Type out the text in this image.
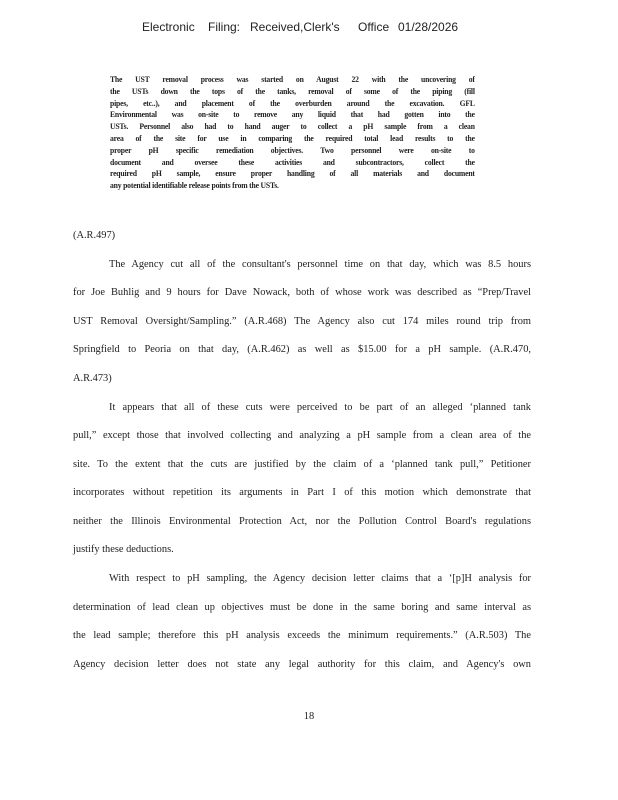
Electronic Filing: Received,Clerk's Office 01/28/2026
The UST removal process was started on August 22 with the uncovering of
the USTs down the tops of the tanks, removal of some of the piping (fill
pipes, etc..), and placement of the overburden around the excavation. GFL
Environmental was on-site to remove any liquid that had gotten into the
USTs. Personnel also had to hand auger to collect a pH sample from a clean
area of the site for use in comparing the required total lead results to the
proper pH specific remediation objectives. Two personnel were on-site to
document and oversee these activities and subcontractors, collect the
required pH sample, ensure proper handling of all materials and document
any potential identifiable release points from the USTs.
(A.R.497)
The Agency cut all of the consultant's personnel time on that day, which was 8.5 hours
for Joe Buhlig and 9 hours for Dave Nowack, both of whose work was described as “Prep/Travel
UST Removal Oversight/Sampling.” (A.R.468) The Agency also cut 174 miles round trip from
Springfield to Peoria on that day, (A.R.462) as well as $15.00 for a pH sample. (A.R.470,
A.R.473)
It appears that all of these cuts were perceived to be part of an alleged ‘planned tank
pull,” except those that involved collecting and analyzing a pH sample from a clean area of the
site. To the extent that the cuts are justified by the claim of a ‘planned tank pull,” Petitioner
incorporates without repetition its arguments in Part I of this motion which demonstrate that
neither the Illinois Environmental Protection Act, nor the Pollution Control Board's regulations
justify these deductions.
With respect to pH sampling, the Agency decision letter claims that a ‘[p]H analysis for
determination of lead clean up objectives must be done in the same boring and same interval as
the lead sample; therefore this pH analysis exceeds the minimum requirements.” (A.R.503) The
Agency decision letter does not state any legal authority for this claim, and Agency's own
18
